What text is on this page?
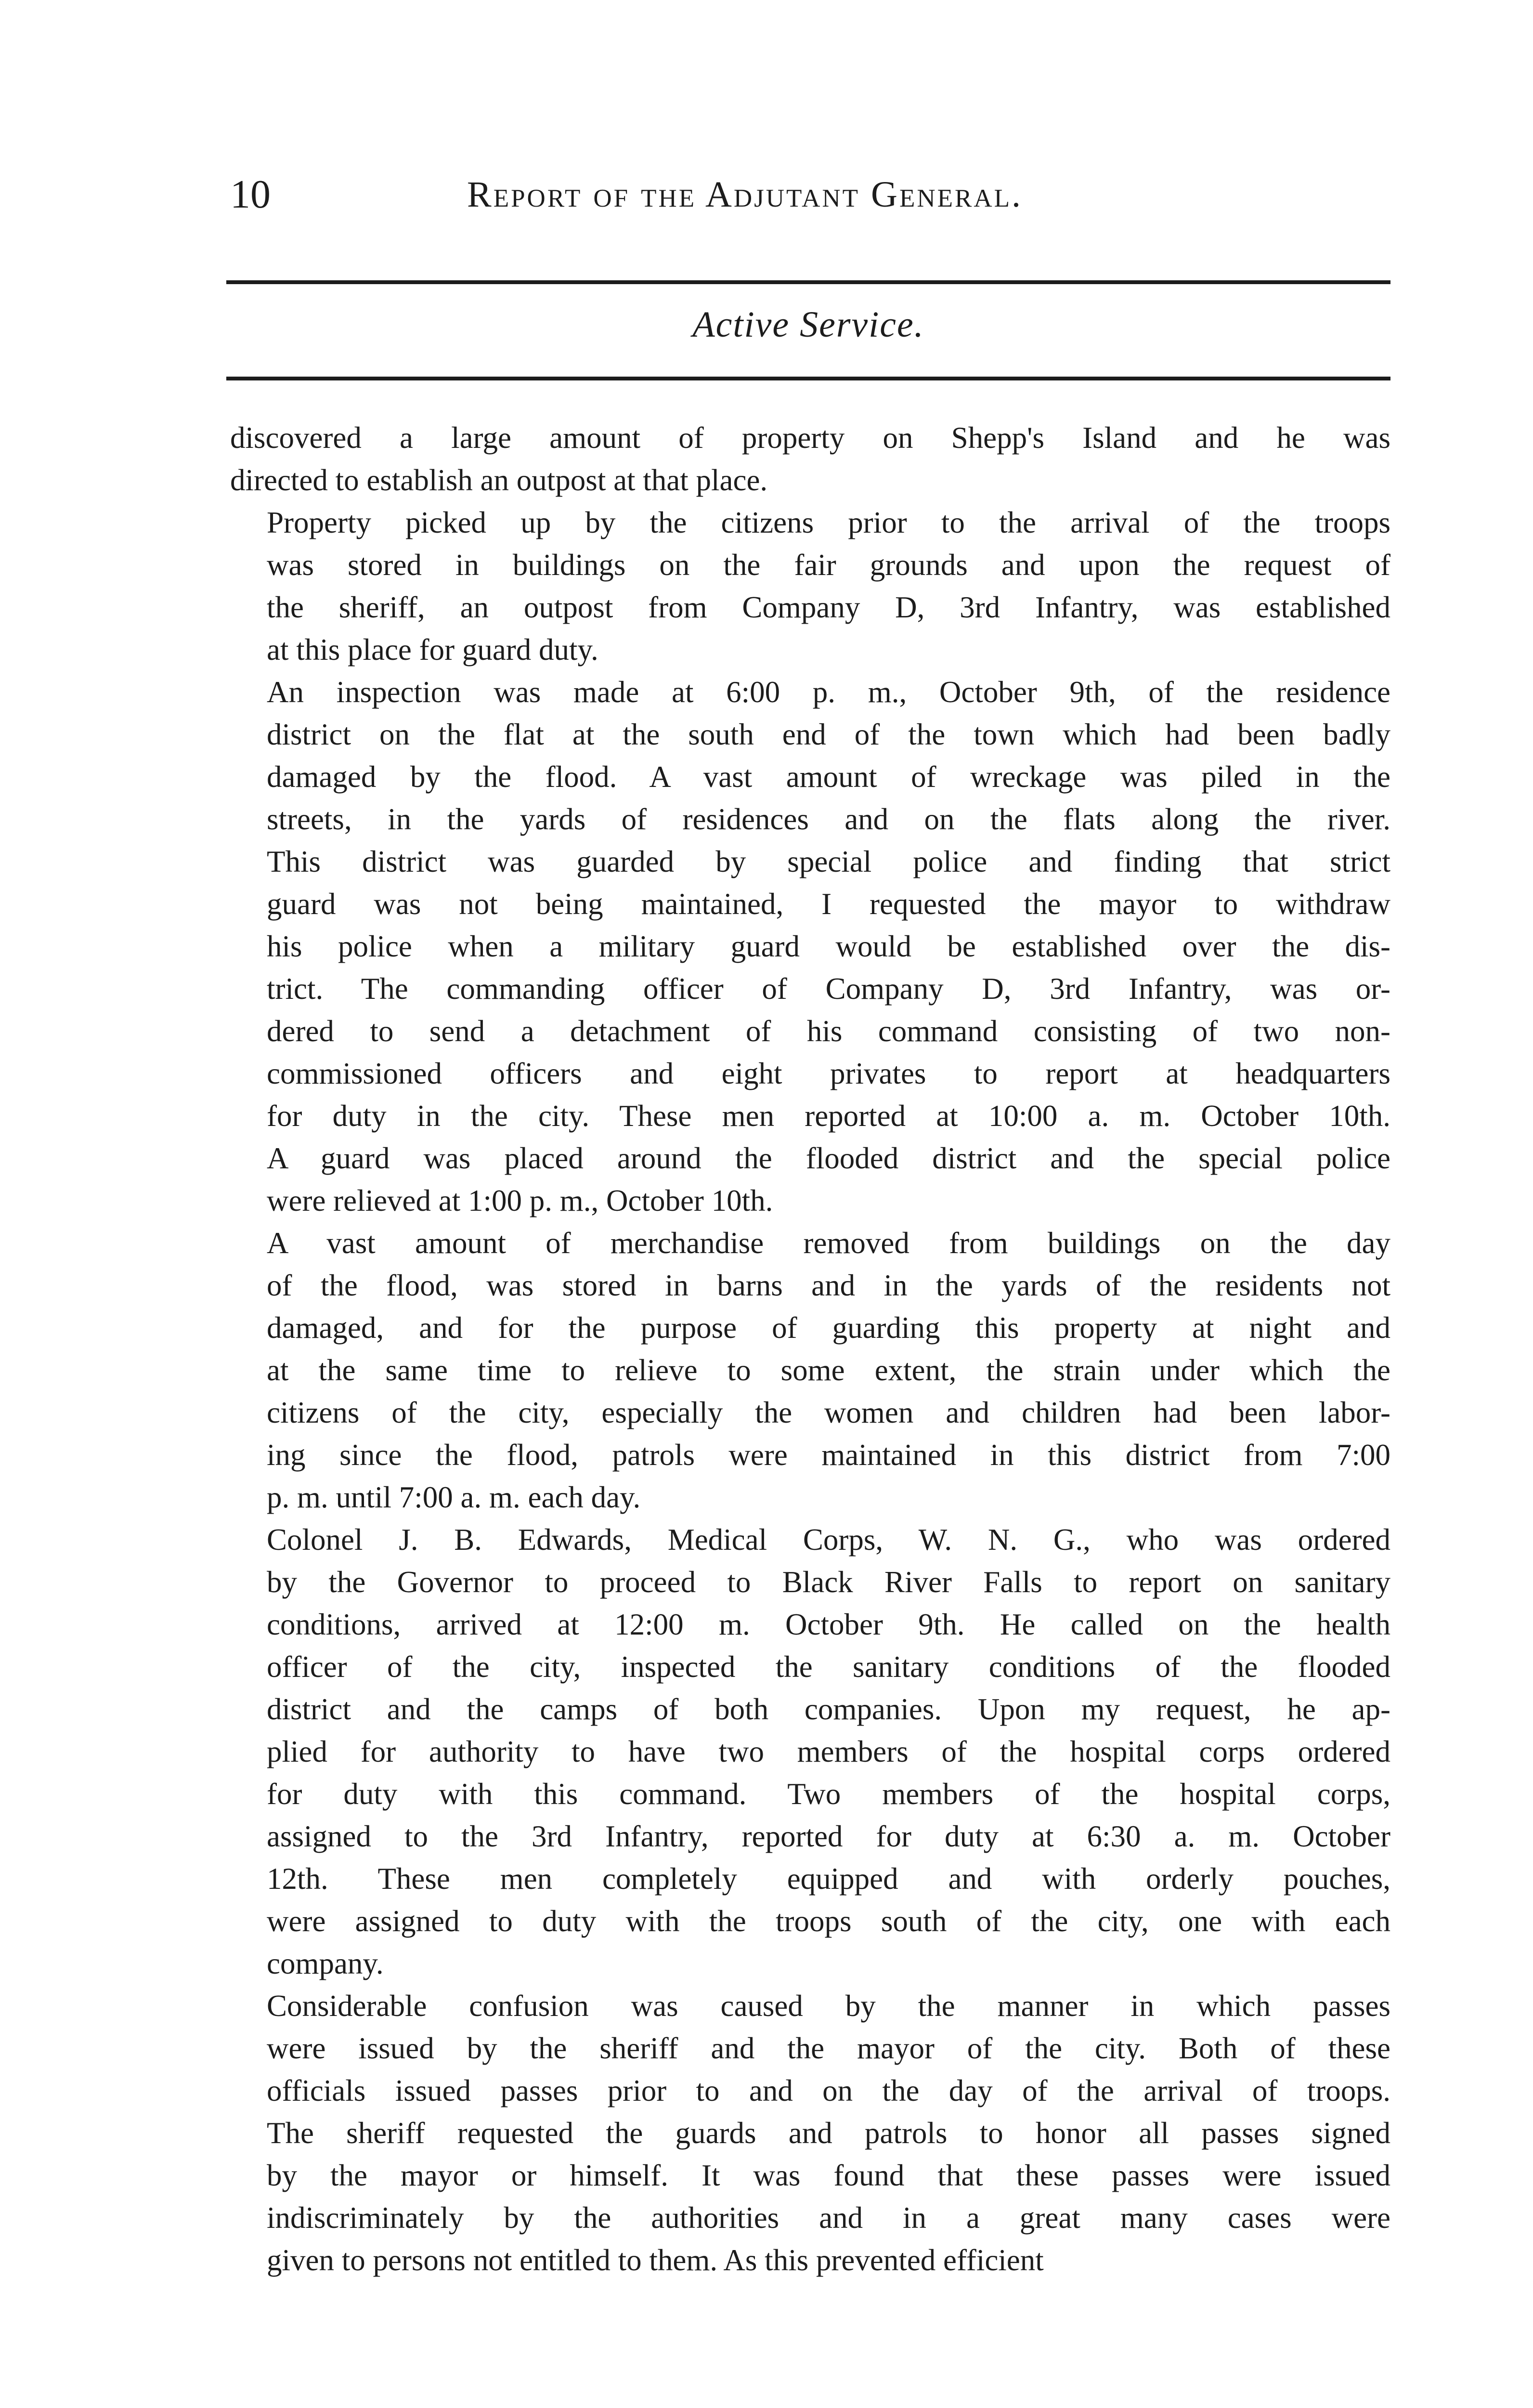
10	Report of the Adjutant General.
Active Service.

discovered a large amount of property on Shepp's Island and he was
directed to establish an outpost at that place.

Property picked up by the citizens prior to the arrival of the troops
was stored in buildings on the fair grounds and upon the request of
the sheriff, an outpost from Company D, 3rd Infantry, was established
at this place for guard duty.

An inspection was made at 6:00 p. m., October 9th, of the residence
district on the flat at the south end of the town which had been badly
damaged by the flood. A vast amount of wreckage was piled in the
streets, in the yards of residences and on the flats along the river.
This district was guarded by special police and finding that strict
guard was not being maintained, I requested the mayor to withdraw
his police when a military guard would be established over the dis-
trict. The commanding officer of Company D, 3rd Infantry, was or-
dered to send a detachment of his command consisting of two non-
commissioned officers and eight privates to report at headquarters
for duty in the city. These men reported at 10:00 a. m. October 10th.
A guard was placed around the flooded district and the special police
were relieved at 1:00 p. m., October 10th.

A vast amount of merchandise removed from buildings on the day
of the flood, was stored in barns and in the yards of the residents not
damaged, and for the purpose of guarding this property at night and
at the same time to relieve to some extent, the strain under which the
citizens of the city, especially the women and children had been labor-
ing since the flood, patrols were maintained in this district from 7:00
p. m. until 7:00 a. m. each day.

Colonel J. B. Edwards, Medical Corps, W. N. G., who was ordered
by the Governor to proceed to Black River Falls to report on sanitary
conditions, arrived at 12:00 m. October 9th. He called on the health
officer of the city, inspected the sanitary conditions of the flooded
district and the camps of both companies. Upon my request, he ap-
plied for authority to have two members of the hospital corps ordered
for duty with this command. Two members of the hospital corps,
assigned to the 3rd Infantry, reported for duty at 6:30 a. m. October
12th. These men completely equipped and with orderly pouches,
were assigned to duty with the troops south of the city, one with each
company.

Considerable confusion was caused by the manner in which passes
were issued by the sheriff and the mayor of the city. Both of these
officials issued passes prior to and on the day of the arrival of troops.
The sheriff requested the guards and patrols to honor all passes signed
by the mayor or himself. It was found that these passes were issued
indiscriminately by the authorities and in a great many cases were
given to persons not entitled to them. As this prevented efficient
